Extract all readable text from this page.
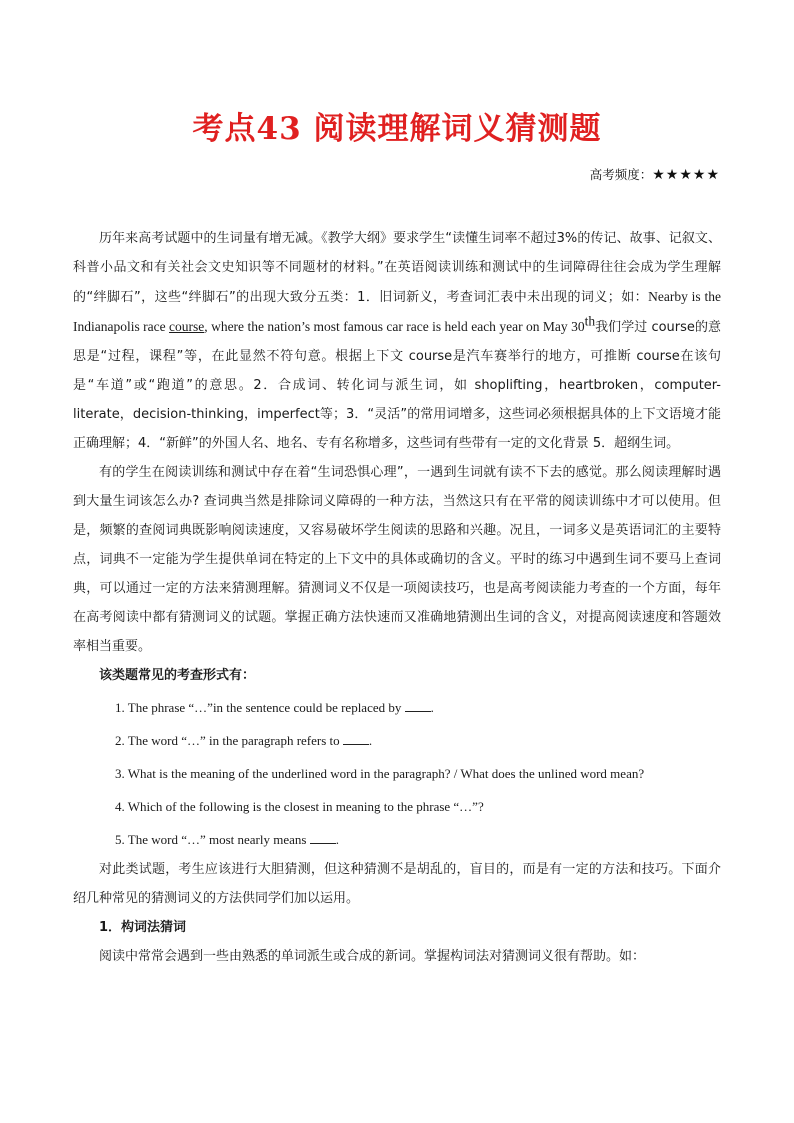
考点43 阅读理解词义猜测题
高考频度：★★★★★

历年来高考试题中的生词量有增无减。《教学大纲》要求学生“读懂生词率不超过3%的传记、故事、记叙文、科普小品文和有关社会文史知识等不同题材的材料。”在英语阅读训练和测试中的生词障碍往往会成为学生理解的“绊脚石”，这些“绊脚石”的出现大致分五类：1．旧词新义，考查词汇表中未出现的词义；如：Nearby is the Indianapolis race course, where the nation’s most famous car race is held each year on May 30th我们学过 course的意思是“过程，课程”等，在此显然不符句意。根据上下文 course是汽车赛举行的地方，可推断 course在该句是“车道”或“跑道”的意思。2．合成词、转化词与派生词，如 shoplifting，heartbroken，computer-literate，decision-thinking，imperfect等；3．“灵活”的常用词增多，这些词必须根据具体的上下文语境才能正确理解；4．“新鲜”的外国人名、地名、专有名称增多，这些词有些带有一定的文化背景 5．超纲生词。

有的学生在阅读训练和测试中存在着“生词恐惧心理”，一遇到生词就有读不下去的感觉。那么阅读理解时遇到大量生词该怎么办? 查词典当然是排除词义障碍的一种方法，当然这只有在平常的阅读训练中才可以使用。但是，频繁的查阅词典既影响阅读速度，又容易破坏学生阅读的思路和兴趣。况且，一词多义是英语词汇的主要特点，词典不一定能为学生提供单词在特定的上下文中的具体或确切的含义。平时的练习中遇到生词不要马上查词典，可以通过一定的方法来猜测理解。猜测词义不仅是一项阅读技巧，也是高考阅读能力考查的一个方面，每年在高考阅读中都有猜测词义的试题。掌握正确方法快速而又准确地猜测出生词的含义，对提高阅读速度和答题效率相当重要。

该类题常见的考查形式有：

1. The phrase “…”in the sentence could be replaced by .

2. The word “…” in the paragraph refers to .

3. What is the meaning of the underlined word in the paragraph? / What does the unlined word mean?

4. Which of the following is the closest in meaning to the phrase “…”?

5. The word “…” most nearly means .

对此类试题，考生应该进行大胆猜测，但这种猜测不是胡乱的，盲目的，而是有一定的方法和技巧。下面介绍几种常见的猜测词义的方法供同学们加以运用。

1．构词法猜词

阅读中常常会遇到一些由熟悉的单词派生或合成的新词。掌握构词法对猜测词义很有帮助。如：
